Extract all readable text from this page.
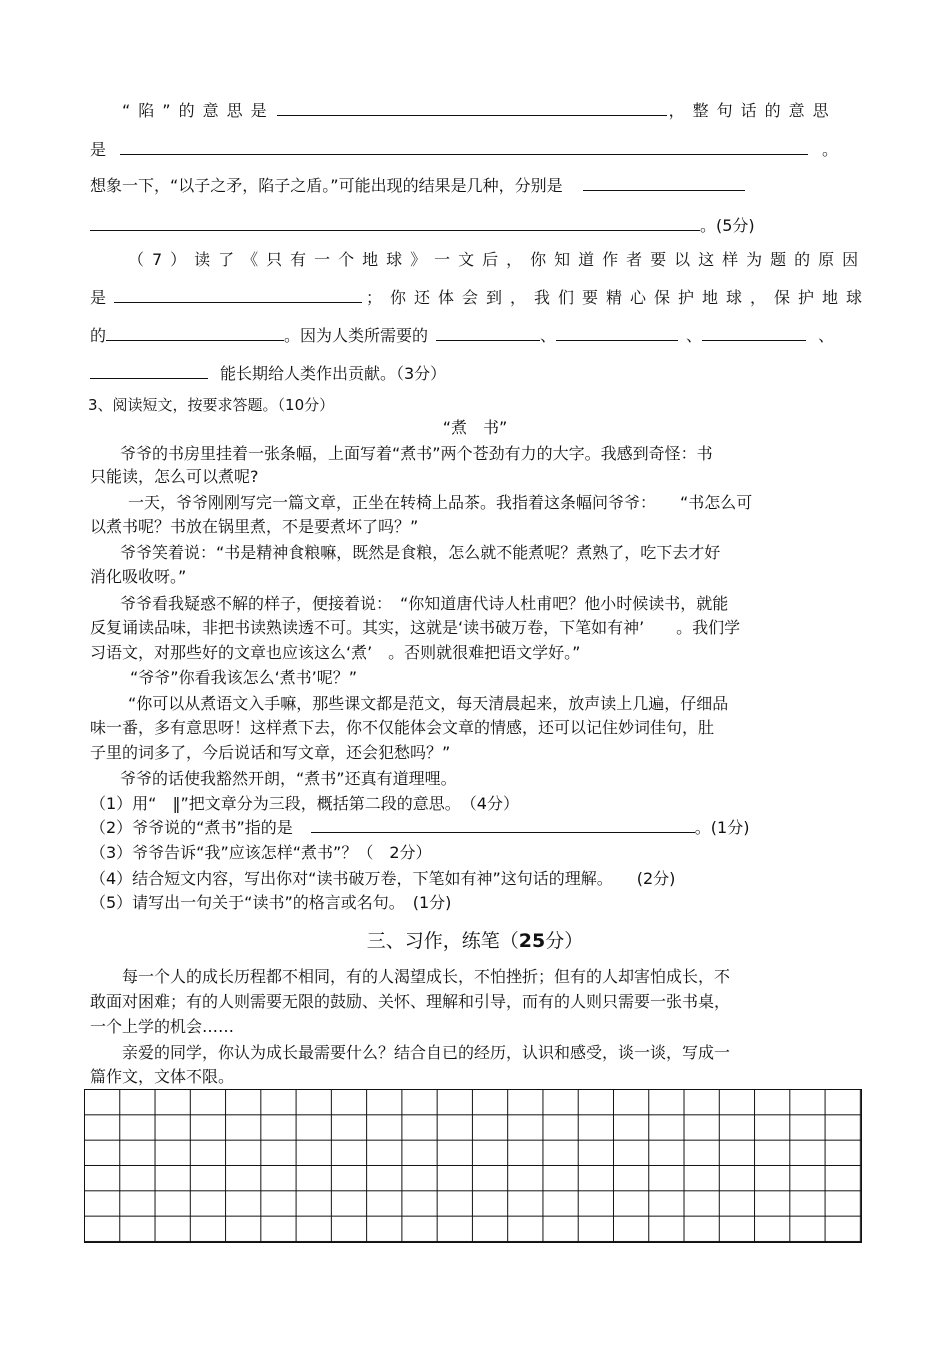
“陷”的意思是	，整句话的意思
是	。
想象一下，“以子之矛，陷子之盾。”可能出现的结果是几种，分别是
。(5分)
（7）读了《只有一个地球》一文后，你知道作者要以这样为题的原因
是	；你还体会到，我们要精心保护地球，保护地球
的	。因为人类所需要的	、	、	、
能长期给人类作出贡献。（3分）
3、阅读短文，按要求答题。（10分）
“煮　书”
爷爷的书房里挂着一张条幅，上面写着“煮书”两个苍劲有力的大字。我感到奇怪：书
只能读，怎么可以煮呢?
一天，爷爷刚刚写完一篇文章，正坐在转椅上品茶。我指着这条幅问爷爷：　　“书怎么可
以煮书呢？书放在锅里煮，不是要煮坏了吗？”
爷爷笑着说：“书是精神食粮嘛，既然是食粮，怎么就不能煮呢？煮熟了，吃下去才好
消化吸收呀。”
爷爷看我疑惑不解的样子，便接着说：　“你知道唐代诗人杜甫吧？他小时候读书，就能
反复诵读品味，非把书读熟读透不可。其实，这就是‘读书破万卷，下笔如有神’　　。我们学
习语文，对那些好的文章也应该这么‘煮’　。否则就很难把语文学好。”
“爷爷”你看我该怎么‘煮书’呢？”
“你可以从煮语文入手嘛，那些课文都是范文，每天清晨起来，放声读上几遍，仔细品
味一番，多有意思呀！这样煮下去，你不仅能体会文章的情感，还可以记住妙词佳句，肚
子里的词多了，今后说话和写文章，还会犯愁吗？”
爷爷的话使我豁然开朗，“煮书”还真有道理哩。
（1）用“　‖”把文章分为三段，概括第二段的意思。　（4分）
（2）爷爷说的“煮书”指的是	。(1分)
（3）爷爷告诉“我”应该怎样“煮书”？（　2分）
（4）结合短文内容，写出你对“读书破万卷，下笔如有神”这句话的理解。　　(2分)
（5）请写出一句关于“读书”的格言或名句。　(1分)
三、习作，练笔（25分）
每一个人的成长历程都不相同，有的人渴望成长，不怕挫折；但有的人却害怕成长，不
敢面对困难；有的人则需要无限的鼓励、关怀、理解和引导，而有的人则只需要一张书桌，
一个上学的机会……
亲爱的同学，你认为成长最需要什么？结合自已的经历，认识和感受，谈一谈，写成一
篇作文，文体不限。
